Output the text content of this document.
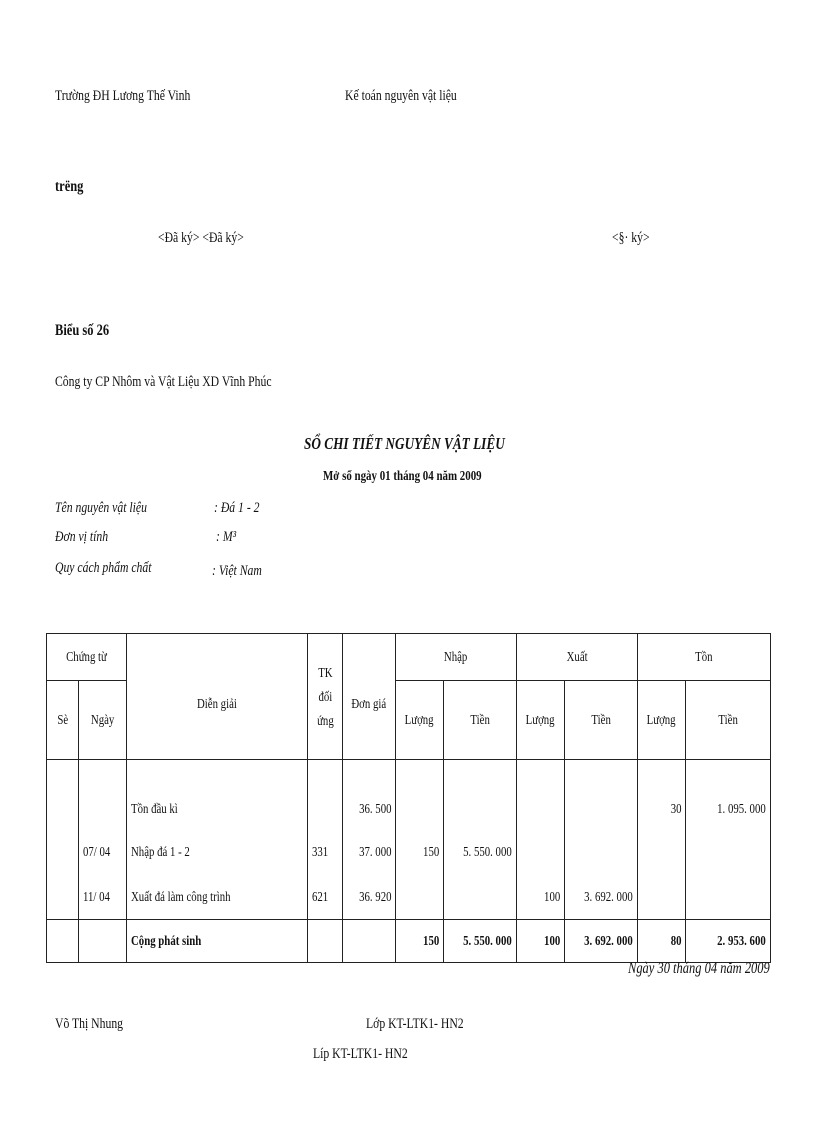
Trường ĐH Lương Thế Vinh	Kế toán nguyên vật liệu
trëng
<Đã ký> <Đã ký>	<§· ký>
Biểu số 26
Công ty CP Nhôm và Vật Liệu XD Vĩnh Phúc
SỔ CHI TIẾT NGUYÊN VẬT LIỆU
Mở sổ ngày 01 tháng 04 năm 2009
Tên nguyên vật liệu	: Đá 1 - 2
Đơn vị tính	: M³
Quy cách phẩm chất	: Việt Nam
Chứng từ		Diễn giải	TK
đối
ứng	Đơn giá	Nhập		Xuất		Tồn	
Sè	Ngày				Lượng	Tiền	Lượng	Tiền	Lượng	Tiền
		Tồn đầu kì		36. 500					30	1. 095. 000
	07/ 04	Nhập đá 1 - 2	331	37. 000	150	5. 550. 000				
	11/ 04	Xuất đá làm công trình	621	36. 920			100	3. 692. 000		
		Cộng phát sinh			150	5. 550. 000	100	3. 692. 000	80	2. 953. 600
Ngày 30 tháng 04 năm 2009
Võ Thị Nhung	Lớp KT-LTK1- HN2
Líp KT-LTK1- HN2
